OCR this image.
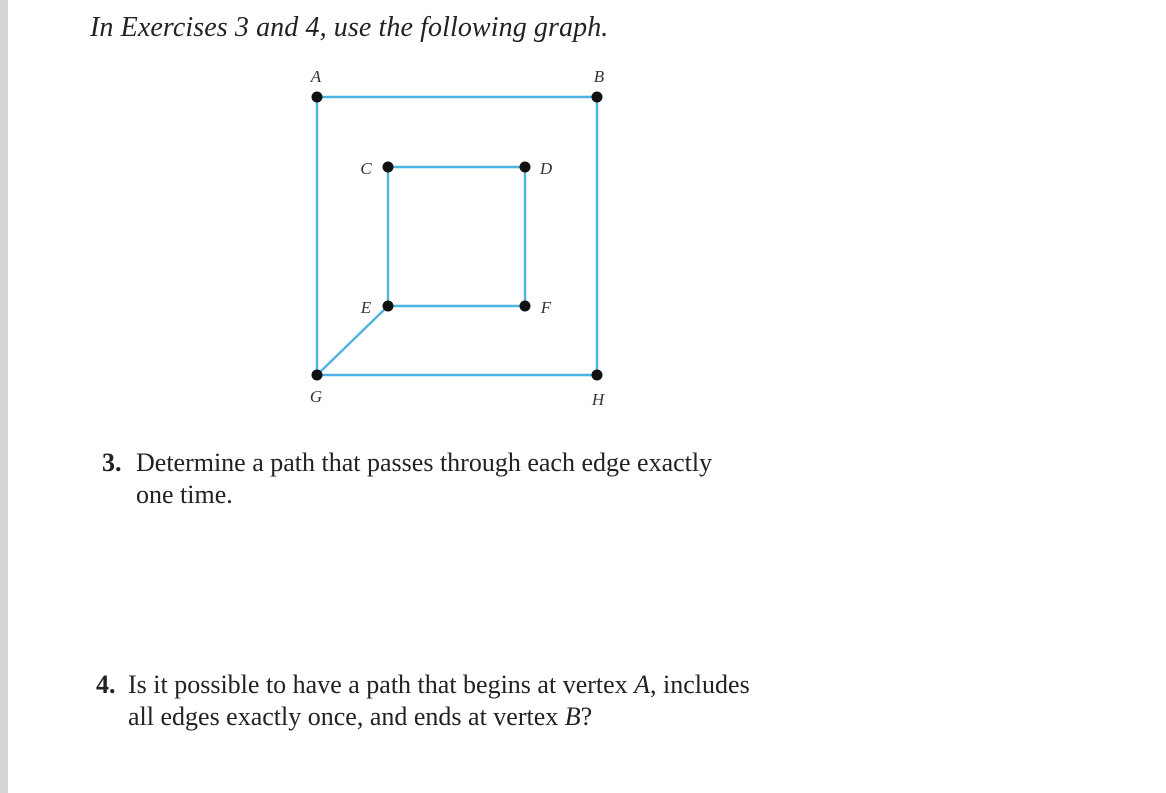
In Exercises 3 and 4, use the following graph.
A	B
C	D
E	F
G	H
3. Determine a path that passes through each edge exactly
one time.
4. Is it possible to have a path that begins at vertex A, includes
all edges exactly once, and ends at vertex B?
